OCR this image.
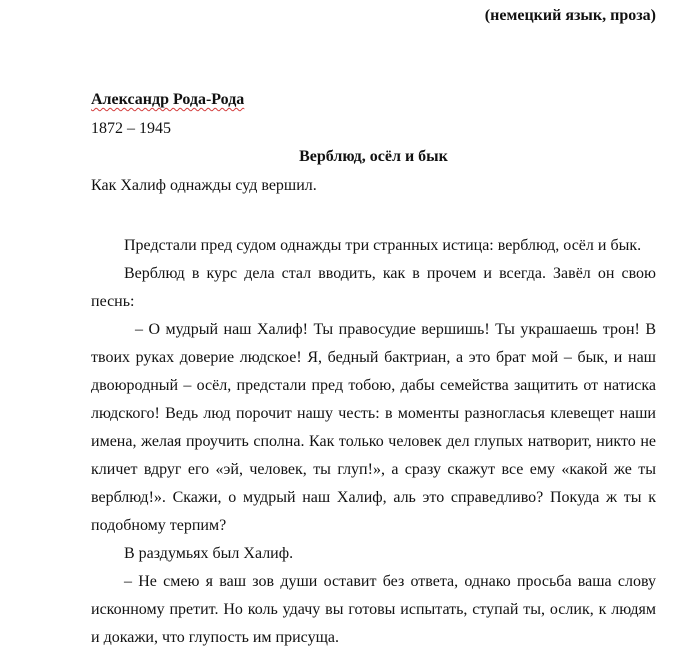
(немецкий язык, проза)
Александр Рода-Рода
1872 – 1945
Верблюд, осёл и бык
Как Халиф однажды суд вершил.

Предстали пред судом однажды три странных истица: верблюд, осёл и бык.

Верблюд в курс дела стал вводить, как в прочем и всегда. Завёл он свою песнь:

– О мудрый наш Халиф! Ты правосудие вершишь! Ты украшаешь трон! В твоих руках доверие людское! Я, бедный бактриан, а это брат мой – бык, и наш двоюродный – осёл, предстали пред тобою, дабы семейства защитить от натиска людского! Ведь люд порочит нашу честь: в моменты разногласья клевещет наши имена, желая проучить сполна. Как только человек дел глупых натворит, никто не кличет вдруг его «эй, человек, ты глуп!», а сразу скажут все ему «какой же ты верблюд!». Скажи, о мудрый наш Халиф, аль это справедливо? Покуда ж ты к подобному терпим?

В раздумьях был Халиф.

– Не смею я ваш зов души оставит без ответа, однако просьба ваша слову исконному претит. Но коль удачу вы готовы испытать, ступай ты, ослик, к людям и докажи, что глупость им присуща.
